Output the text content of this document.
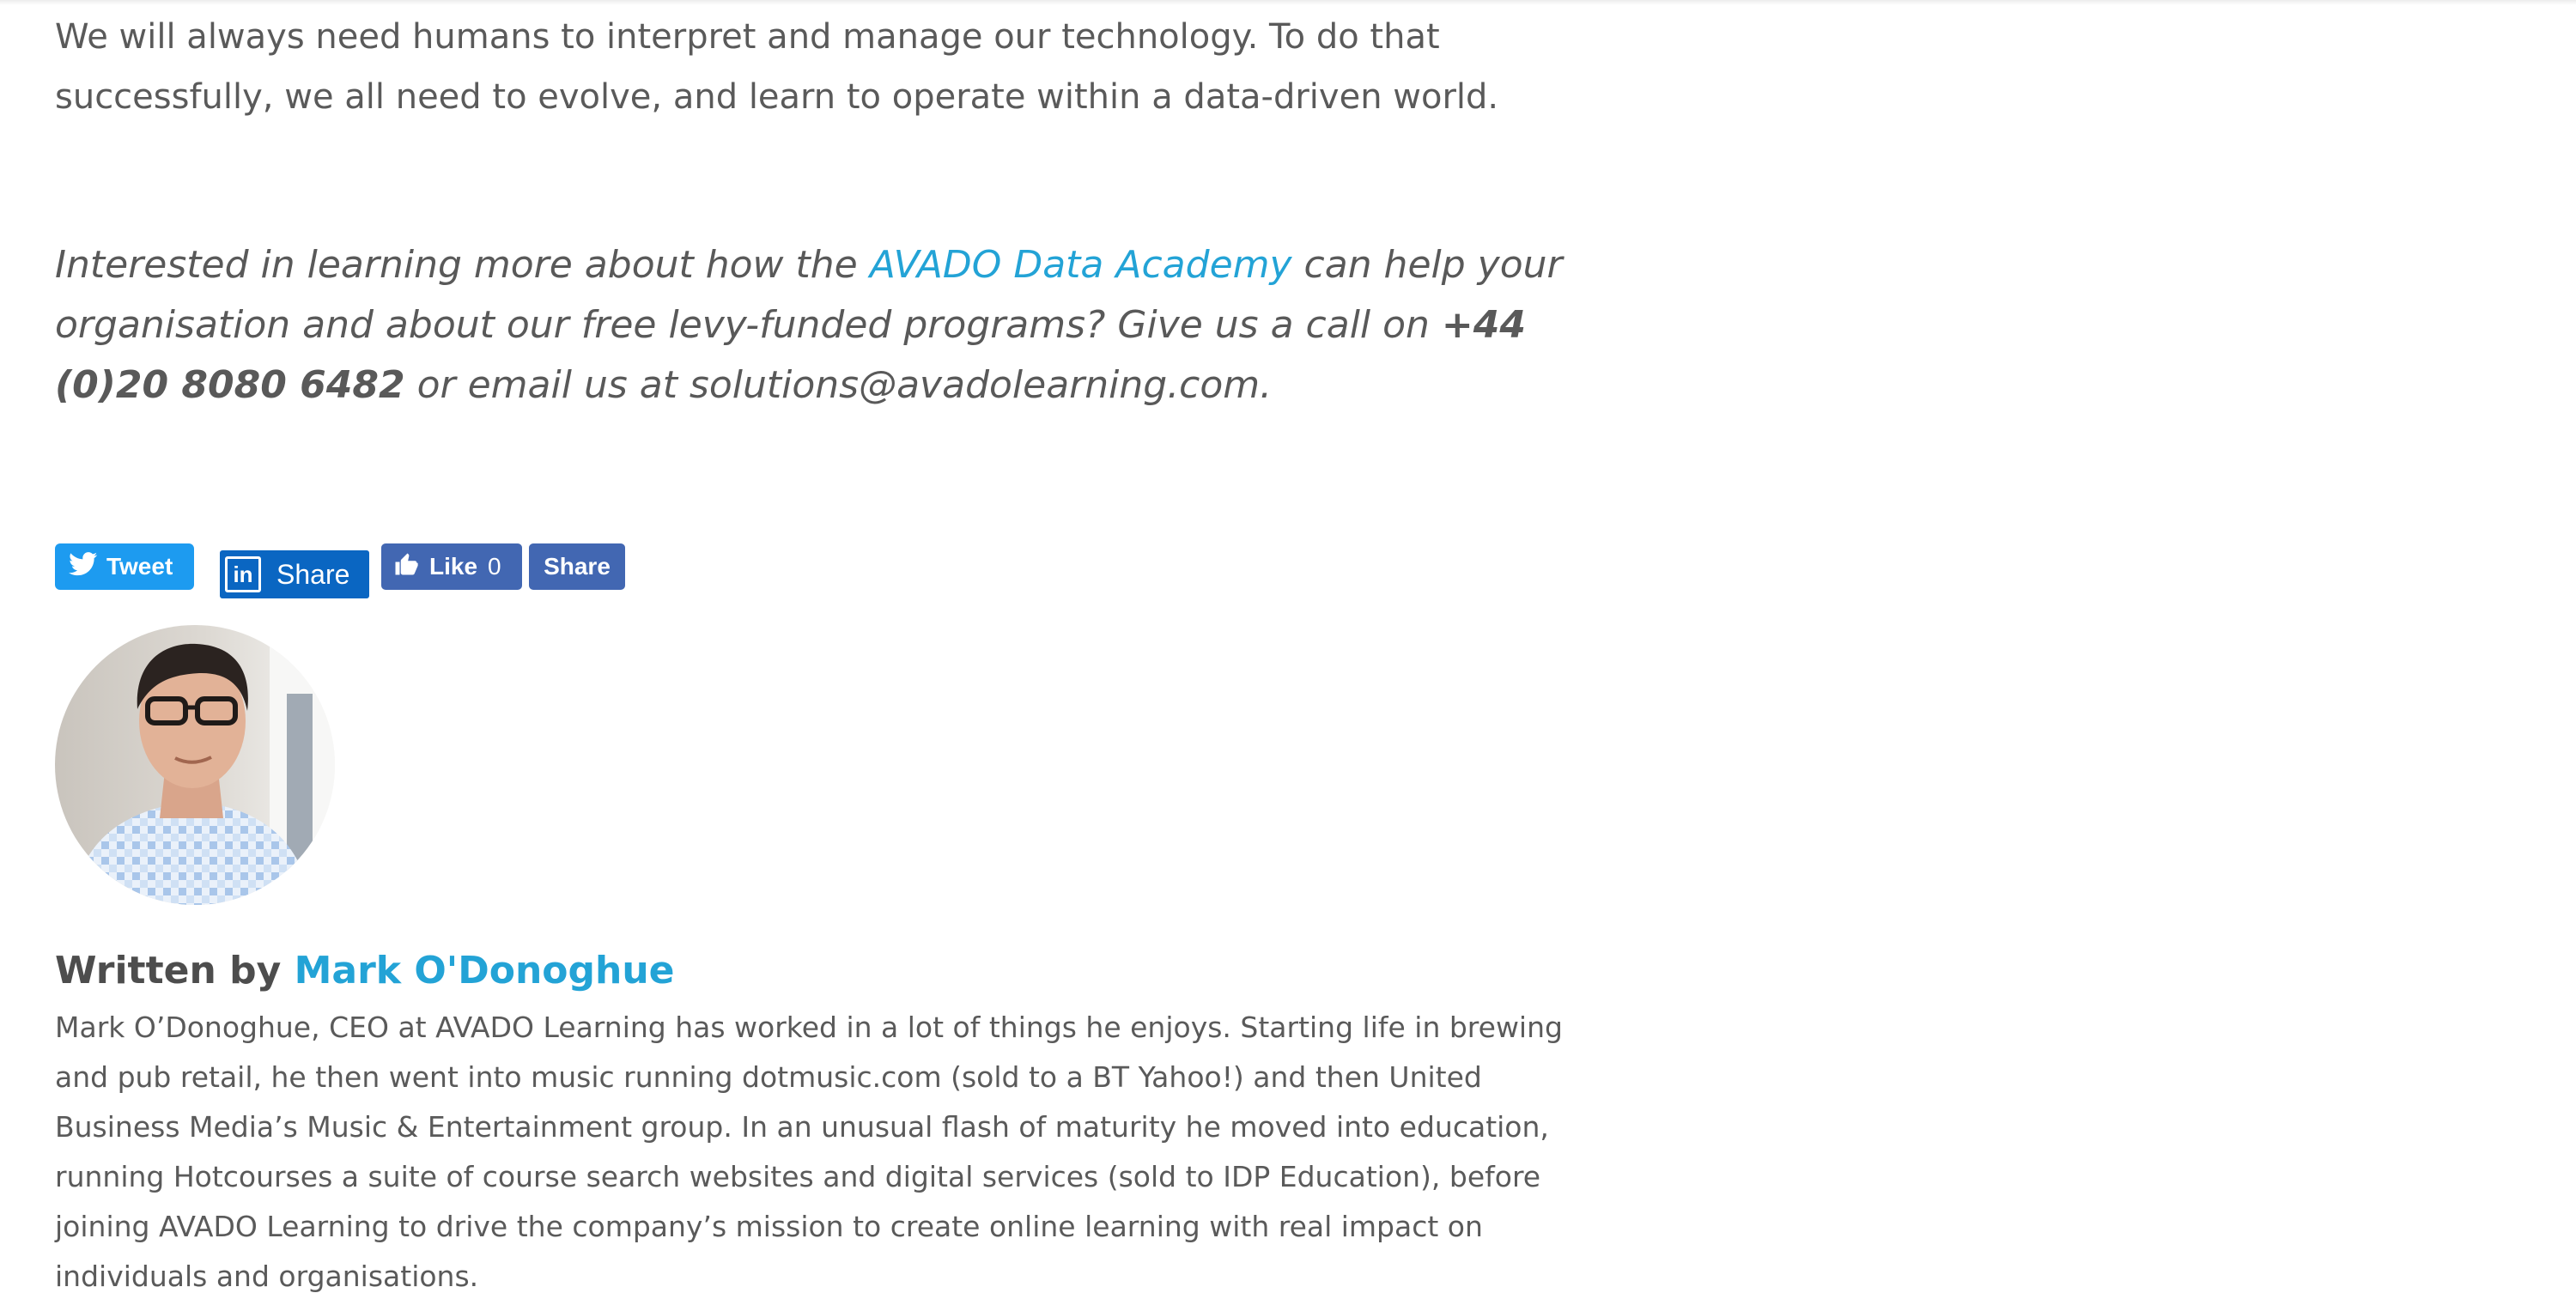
We will always need humans to interpret and manage our technology. To do that successfully, we all need to evolve, and learn to operate within a data-driven world.

Interested in learning more about how the AVADO Data Academy can help your organisation and about our free levy-funded programs? Give us a call on +44 (0)20 8080 6482 or email us at solutions@avadolearning.com.

Tweet	in Share	Like 0 Share
Written by Mark O'Donoghue

Mark O’Donoghue, CEO at AVADO Learning has worked in a lot of things he enjoys. Starting life in brewing and pub retail, he then went into music running dotmusic.com (sold to a BT Yahoo!) and then United Business Media’s Music & Entertainment group. In an unusual flash of maturity he moved into education, running Hotcourses a suite of course search websites and digital services (sold to IDP Education), before joining AVADO Learning to drive the company’s mission to create online learning with real impact on individuals and organisations.
